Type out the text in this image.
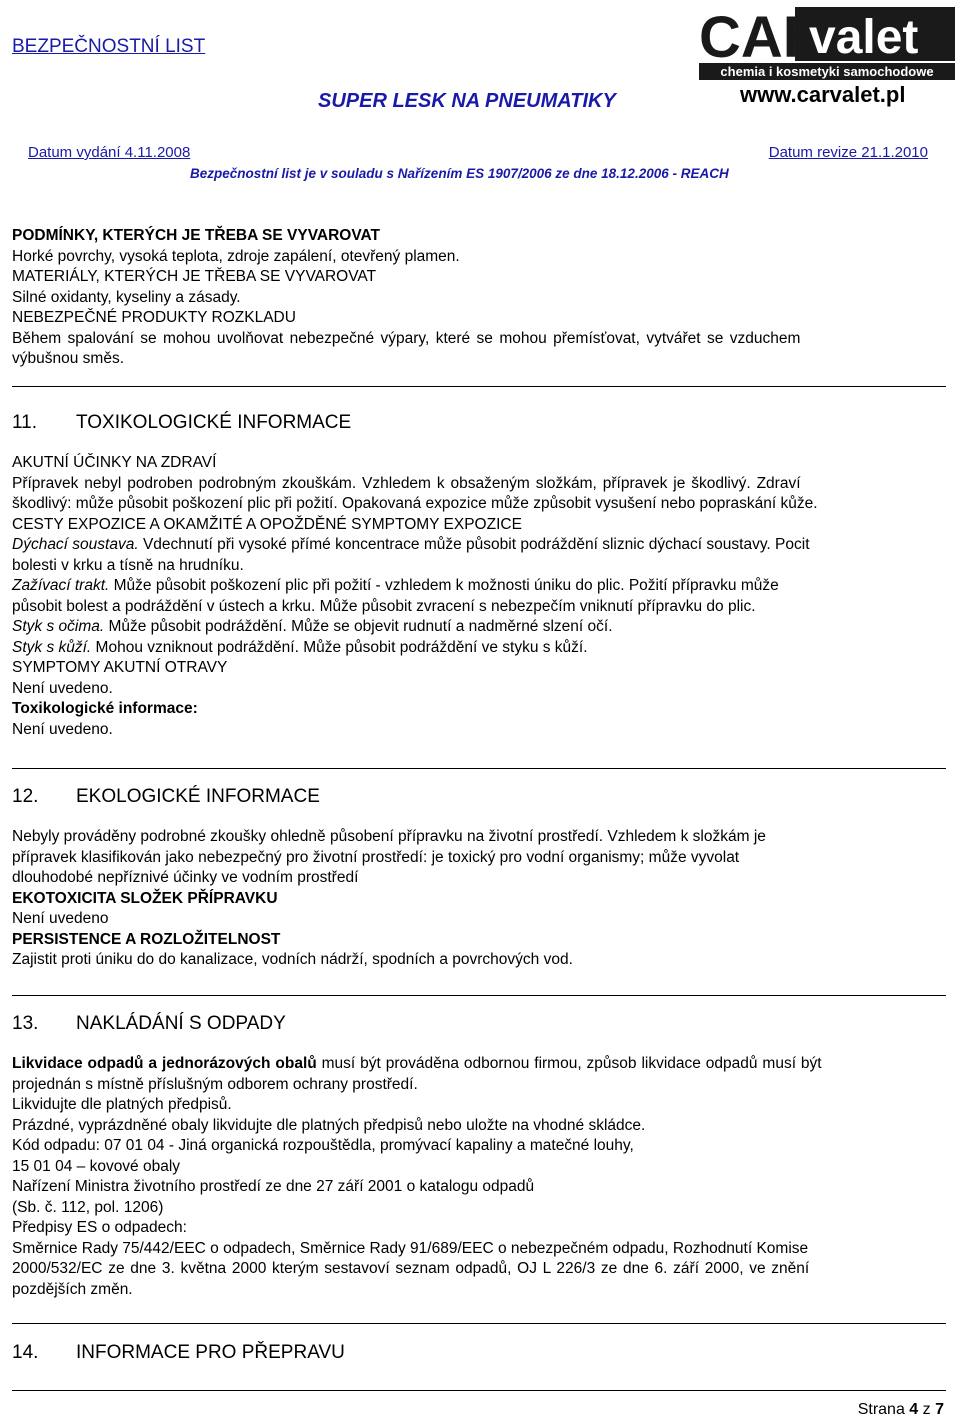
BEZPEČNOSTNÍ LIST
SUPER LESK NA PNEUMATIKY
CAR
valet
chemia i kosmetyki samochodowe
www.carvalet.pl
Datum vydání 4.11.2008	Datum revize 21.1.2010
Bezpečnostní list je v souladu s Nařízením ES 1907/2006 ze dne 18.12.2006 - REACH
PODMÍNKY, KTERÝCH JE TŘEBA SE VYVAROVAT
Horké povrchy, vysoká teplota, zdroje zapálení, otevřený plamen.
MATERIÁLY, KTERÝCH JE TŘEBA SE VYVAROVAT
Silné oxidanty, kyseliny a zásady.
NEBEZPEČNÉ PRODUKTY ROZKLADU
Během spalování se mohou uvolňovat nebezpečné výpary, které se mohou přemísťovat, vytvářet se vzduchem
výbušnou směs.
11. TOXIKOLOGICKÉ INFORMACE
AKUTNÍ ÚČINKY NA ZDRAVÍ
Přípravek nebyl podroben podrobným zkouškám. Vzhledem k obsaženým složkám, přípravek je škodlivý. Zdraví
škodlivý: může působit poškození plic při požití. Opakovaná expozice může způsobit vysušení nebo popraskání kůže.
CESTY EXPOZICE A OKAMŽITÉ A OPOŽDĚNÉ SYMPTOMY EXPOZICE
Dýchací soustava. Vdechnutí při vysoké přímé koncentrace může působit podráždění sliznic dýchací soustavy. Pocit
bolesti v krku a tísně na hrudníku.
Zažívací trakt. Může působit poškození plic při požití - vzhledem k možnosti úniku do plic. Požití přípravku může
působit bolest a podráždění v ústech a krku. Může působit zvracení s nebezpečím vniknutí přípravku do plic.
Styk s očima. Může působit podráždění. Může se objevit rudnutí a nadměrné slzení očí.
Styk s kůží. Mohou vzniknout podráždění. Může působit podráždění ve styku s kůží.
SYMPTOMY AKUTNÍ OTRAVY
Není uvedeno.
Toxikologické informace:
Není uvedeno.
12. EKOLOGICKÉ INFORMACE
Nebyly prováděny podrobné zkoušky ohledně působení přípravku na životní prostředí. Vzhledem k složkám je
přípravek klasifikován jako nebezpečný pro životní prostředí: je toxický pro vodní organismy; může vyvolat
dlouhodobé nepříznivé účinky ve vodním prostředí
EKOTOXICITA SLOŽEK PŘÍPRAVKU
Není uvedeno
PERSISTENCE A ROZLOŽITELNOST
Zajistit proti úniku do do kanalizace, vodních nádrží, spodních a povrchových vod.
13. NAKLÁDÁNÍ S ODPADY
Likvidace odpadů a jednorázových obalů musí být prováděna odbornou firmou, způsob likvidace odpadů musí být
projednán s místně příslušným odborem ochrany prostředí.
Likvidujte dle platných předpisů.
Prázdné, vyprázdněné obaly likvidujte dle platných předpisů nebo uložte na vhodné skládce.
Kód odpadu: 07 01 04 - Jiná organická rozpouštědla, promývací kapaliny a matečné louhy,
15 01 04 – kovové obaly
Nařízení Ministra životního prostředí ze dne 27 září 2001 o katalogu odpadů
(Sb. č. 112, pol. 1206)
Předpisy ES o odpadech:
Směrnice Rady 75/442/EEC o odpadech, Směrnice Rady 91/689/EEC o nebezpečném odpadu, Rozhodnutí Komise
2000/532/EC ze dne 3. května 2000 kterým sestavoví seznam odpadů, OJ L 226/3 ze dne 6. září 2000, ve znění
pozdějších změn.
14. INFORMACE PRO PŘEPRAVU
Strana 4 z 7
